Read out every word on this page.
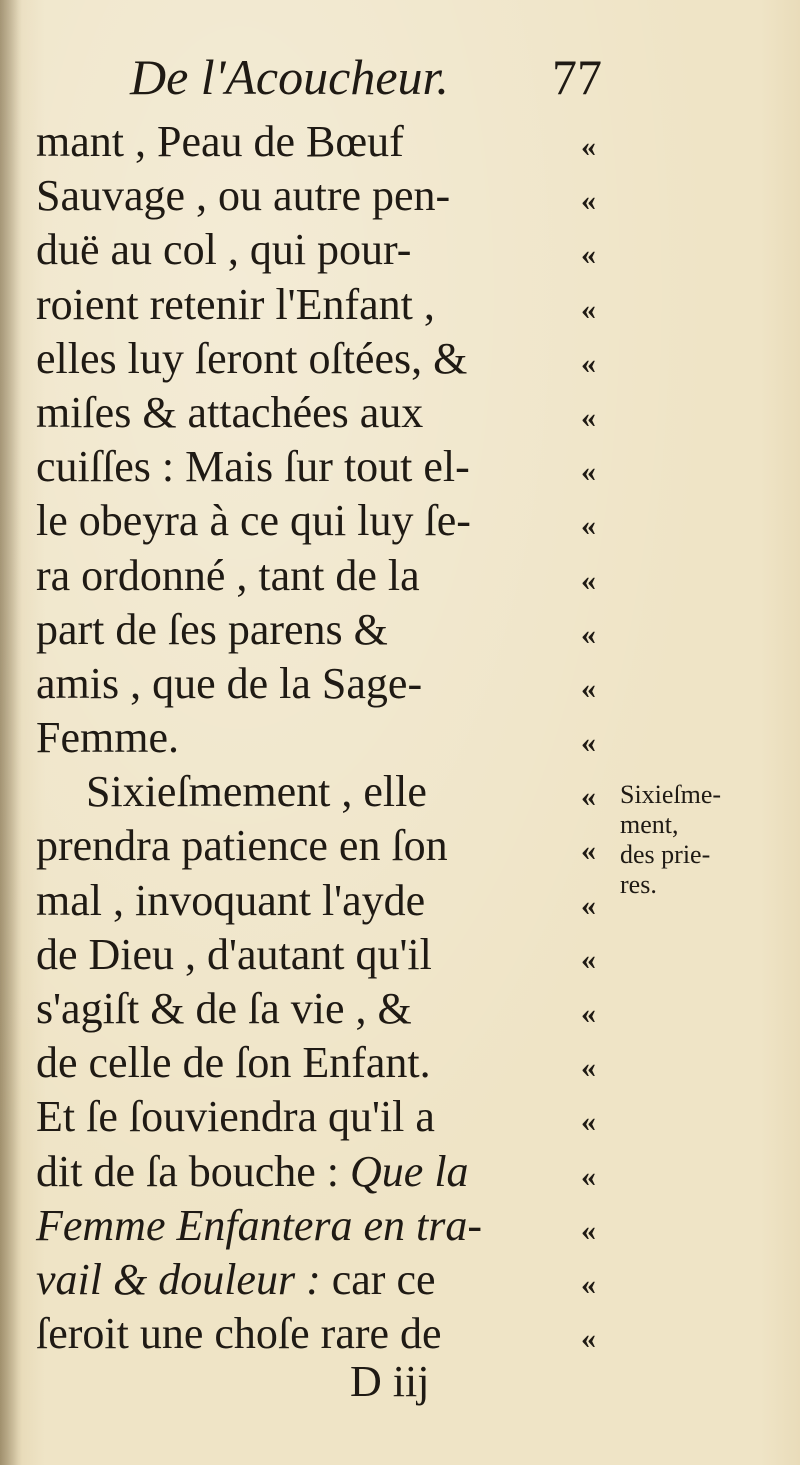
De l'Acoucheur. 77
mant , Peau de Bœuf	«
Sauvage , ou autre pen-	«
duë au col , qui pour-	«
roient retenir l'Enfant ,	«
elles luy ſeront oſtées, &	«
miſes & attachées aux	«
cuiſſes : Mais ſur tout el-	«
le obeyra à ce qui luy ſe-	«
ra ordonné , tant de la	«
part de ſes parens &	«
amis , que de la Sage-	«
Femme.	«
Sixieſmement , elle	«
prendra patience en ſon	«
mal , invoquant l'ayde	«
de Dieu , d'autant qu'il	«
s'agiſt & de ſa vie , &	«
de celle de ſon Enfant.	«
Et ſe ſouviendra qu'il a	«
dit de ſa bouche : Que la	«
Femme Enfantera en tra-	«
vail & douleur : car ce	«
ſeroit une choſe rare de	«
Sixieſme-
ment,
des prie-
res.
D iij
